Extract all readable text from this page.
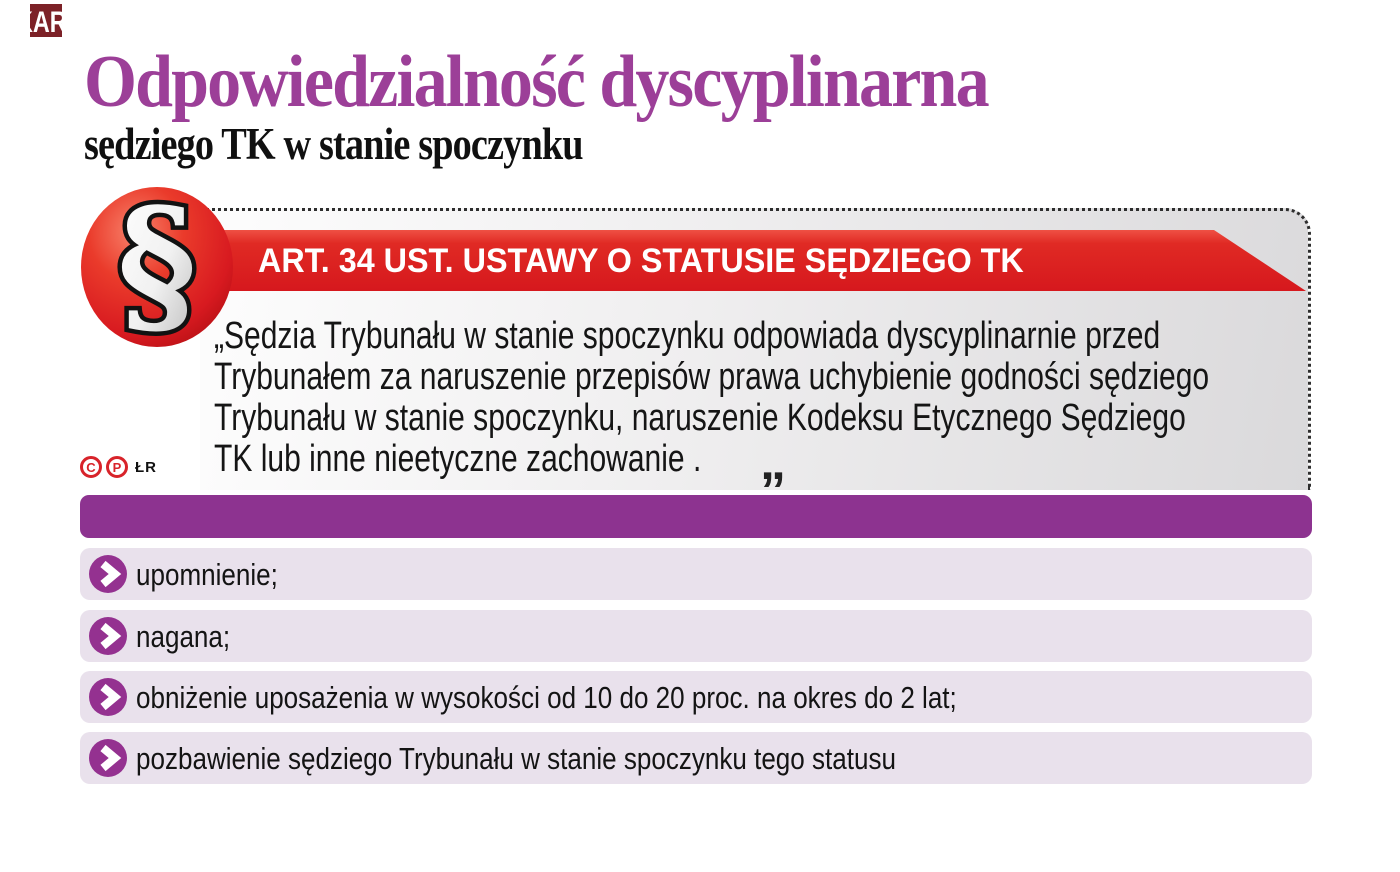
Odpowiedzialność dyscyplinarna
sędziego TK w stanie spoczynku
ART. 34 UST. USTAWY O STATUSIE SĘDZIEGO TK
§ „Sędzia Trybunału w stanie spoczynku odpowiada dyscyplinarnie przed
Trybunałem za naruszenie przepisów prawa uchybienie godności sędziego
Trybunału w stanie spoczynku, naruszenie Kodeksu Etycznego Sędziego
TK lub inne nieetyczne zachowanie . „
C	P ŁR
KARAMI DYSCYPLINARNYMI DLA SĘDZIÓW TK W STANIE SPOCZYNKU SĄ:
upomnienie;
nagana;
obniżenie uposażenia w wysokości od 10 do 20 proc. na okres do 2 lat;
pozbawienie sędziego Trybunału w stanie spoczynku tego statusu
